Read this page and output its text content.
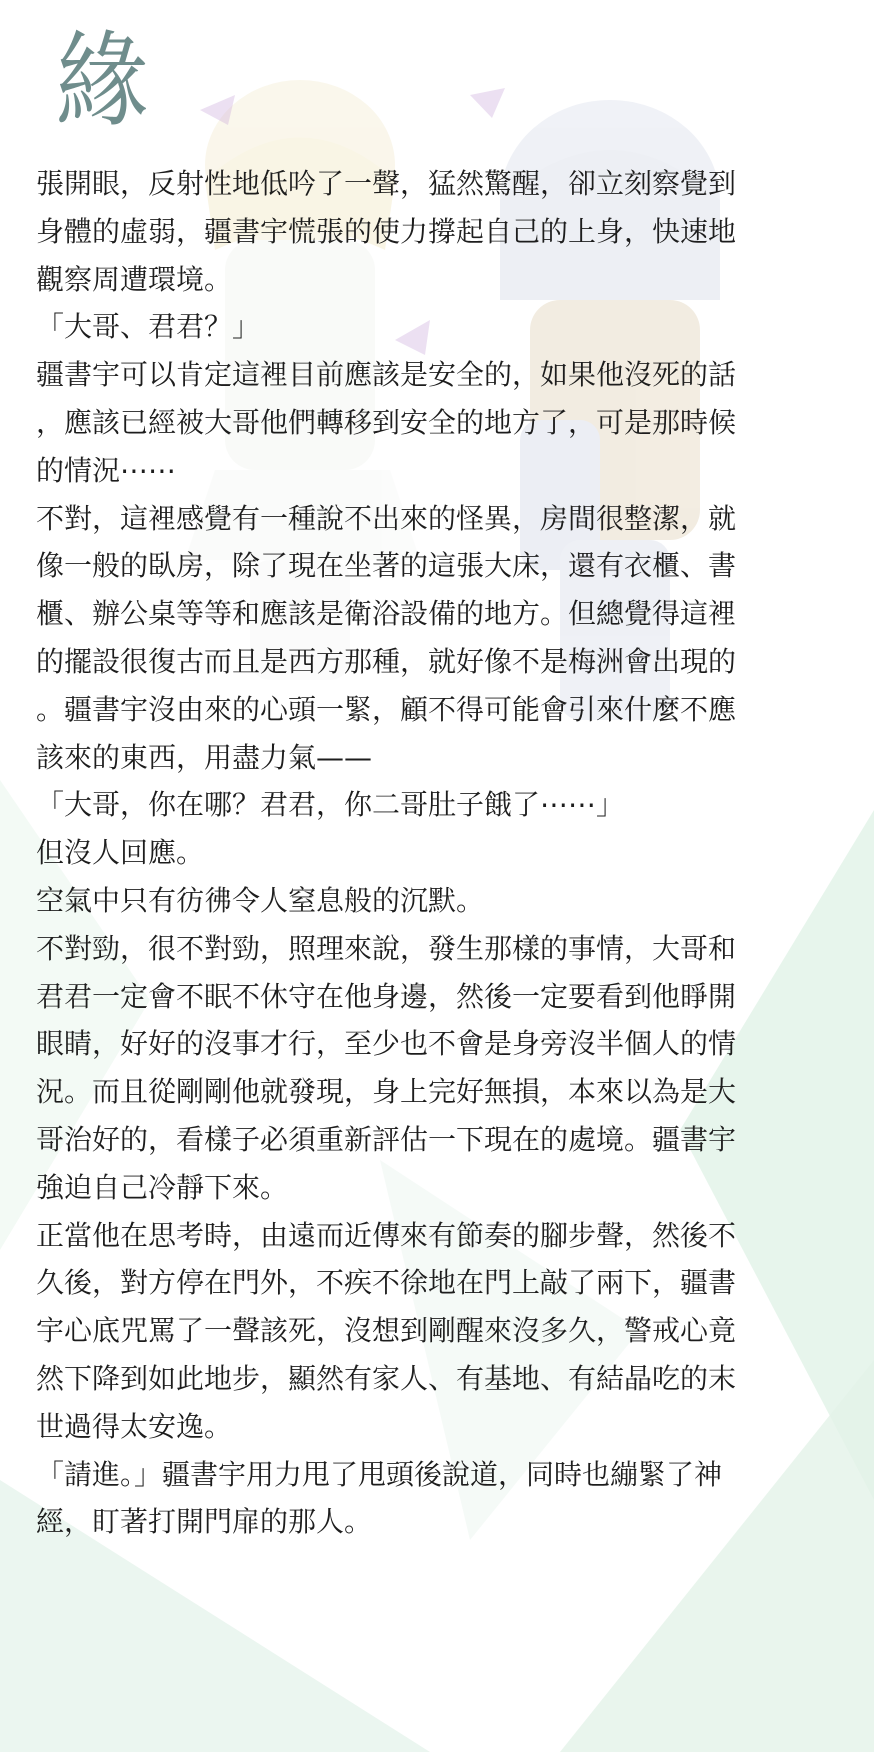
緣

張開眼，反射性地低吟了一聲，猛然驚醒，卻立刻察覺到

身體的虛弱，疆書宇慌張的使力撐起自己的上身，快速地

觀察周遭環境。

「大哥、君君？」

疆書宇可以肯定這裡目前應該是安全的，如果他沒死的話

，應該已經被大哥他們轉移到安全的地方了，可是那時候

的情況⋯⋯

不對，這裡感覺有一種說不出來的怪異，房間很整潔，就

像一般的臥房，除了現在坐著的這張大床，還有衣櫃、書

櫃、辦公桌等等和應該是衛浴設備的地方。但總覺得這裡

的擺設很復古而且是西方那種，就好像不是梅洲會出現的

。疆書宇沒由來的心頭一緊，顧不得可能會引來什麼不應

該來的東西，用盡力氣——

「大哥，你在哪？君君，你二哥肚子餓了⋯⋯」

但沒人回應。

空氣中只有彷彿令人窒息般的沉默。

不對勁，很不對勁，照理來說，發生那樣的事情，大哥和

君君一定會不眠不休守在他身邊，然後一定要看到他睜開

眼睛，好好的沒事才行，至少也不會是身旁沒半個人的情

況。而且從剛剛他就發現，身上完好無損，本來以為是大

哥治好的，看樣子必須重新評估一下現在的處境。疆書宇

強迫自己冷靜下來。

正當他在思考時，由遠而近傳來有節奏的腳步聲，然後不

久後，對方停在門外，不疾不徐地在門上敲了兩下，疆書

宇心底咒罵了一聲該死，沒想到剛醒來沒多久，警戒心竟

然下降到如此地步，顯然有家人、有基地、有結晶吃的末

世過得太安逸。

「請進。」疆書宇用力甩了甩頭後說道，同時也繃緊了神

經，盯著打開門扉的那人。
